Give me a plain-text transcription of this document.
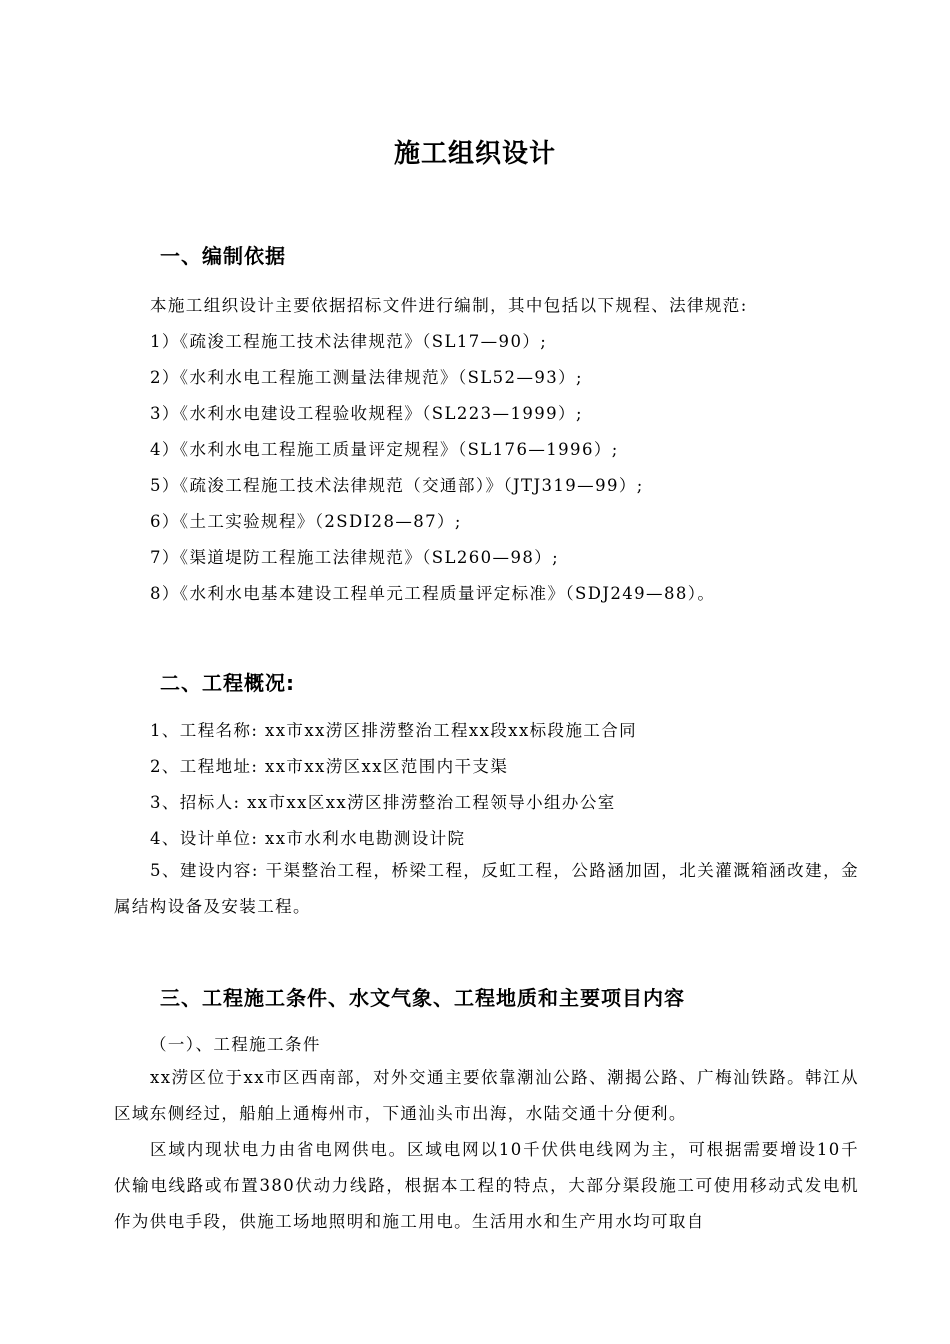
施工组织设计
一、编制依据
本施工组织设计主要依据招标文件进行编制，其中包括以下规程、法律规范:
1）《疏浚工程施工技术法律规范》（SL17—90）;
2）《水利水电工程施工测量法律规范》（SL52—93）;
3）《水利水电建设工程验收规程》（SL223—1999）;
4）《水利水电工程施工质量评定规程》（SL176—1996）;
5）《疏浚工程施工技术法律规范（交通部）》（JTJ319—99）;
6）《土工实验规程》（2SDI28—87）;
7）《渠道堤防工程施工法律规范》（SL260—98）;
8）《水利水电基本建设工程单元工程质量评定标准》（SDJ249—88）。
二、工程概况:
1、工程名称: xx市xx涝区排涝整治工程xx段xx标段施工合同
2、工程地址: xx市xx涝区xx区范围内干支渠
3、招标人: xx市xx区xx涝区排涝整治工程领导小组办公室
4、设计单位: xx市水利水电勘测设计院
5、建设内容: 干渠整治工程，桥梁工程，反虹工程，公路涵加固，北关灌溉箱涵改建，金属结构设备及安装工程。
三、工程施工条件、水文气象、工程地质和主要项目内容
（一）、工程施工条件
xx涝区位于xx市区西南部，对外交通主要依靠潮汕公路、潮揭公路、广梅汕铁路。韩江从区域东侧经过，船舶上通梅州市，下通汕头市出海，水陆交通十分便利。
区域内现状电力由省电网供电。区域电网以10千伏供电线网为主，可根据需要增设10千伏输电线路或布置380伏动力线路，根据本工程的特点，大部分渠段施工可使用移动式发电机作为供电手段，供施工场地照明和施工用电。生活用水和生产用水均可取自
